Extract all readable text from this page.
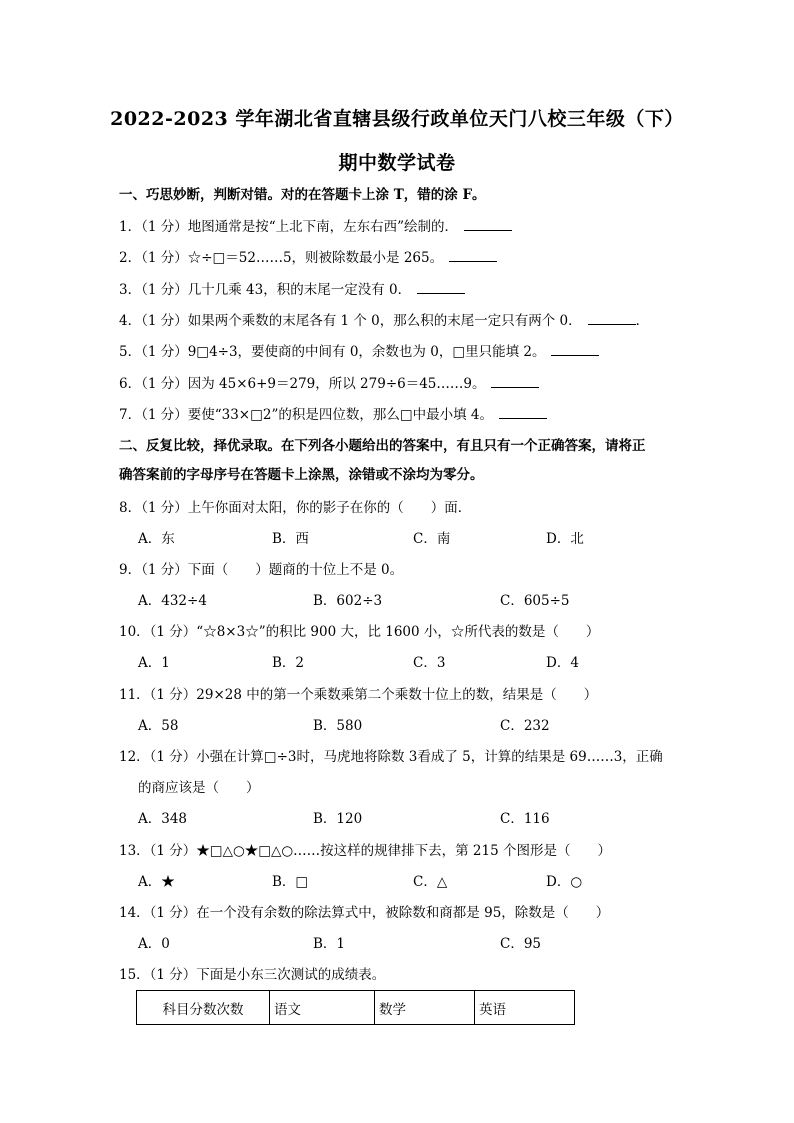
2022-2023 学年湖北省直辖县级行政单位天门八校三年级（下）
期中数学试卷
一、巧思妙断，判断对错。对的在答题卡上涂 T，错的涂 F。
1．（1 分）地图通常是按“上北下南，左东右西”绘制的．
2．（1 分）☆÷□＝52……5，则被除数最小是 265。
3．（1 分）几十几乘 43，积的末尾一定没有 0．
4．（1 分）如果两个乘数的末尾各有 1 个 0，那么积的末尾一定只有两个 0．	．
5．（1 分）9□4÷3，要使商的中间有 0，余数也为 0，□里只能填 2。
6．（1 分）因为 45×6+9＝279，所以 279÷6＝45……9。
7．（1 分）要使“33×□2”的积是四位数，那么□中最小填 4。
二、反复比较，择优录取。在下列各小题给出的答案中，有且只有一个正确答案，请将正
确答案前的字母序号在答题卡上涂黑，涂错或不涂均为零分。
8．（1 分）上午你面对太阳，你的影子在你的（　　）面．
A．东	B．西	C．南	D．北
9．（1 分）下面（　　）题商的十位上不是 0。
A．432÷4	B．602÷3	C．605÷5
10．（1 分）“☆8×3☆”的积比 900 大，比 1600 小，☆所代表的数是（　　）
A．1	B．2	C．3	D．4
11．（1 分）29×28 中的第一个乘数乘第二个乘数十位上的数，结果是（　　）
A．58	B．580	C．232
12．（1 分）小强在计算□÷3时，马虎地将除数 3看成了 5，计算的结果是 69……3，正确
的商应该是（　　）
A．348	B．120	C．116
13．（1 分）★□△○★□△○……按这样的规律排下去，第 215 个图形是（　　）
A．★	B．□	C．△	D．○
14．（1 分）在一个没有余数的除法算式中，被除数和商都是 95，除数是（　　）
A．0	B．1	C．95
15．（1 分）下面是小东三次测试的成绩表。
科目分数次数	语文	数学	英语
